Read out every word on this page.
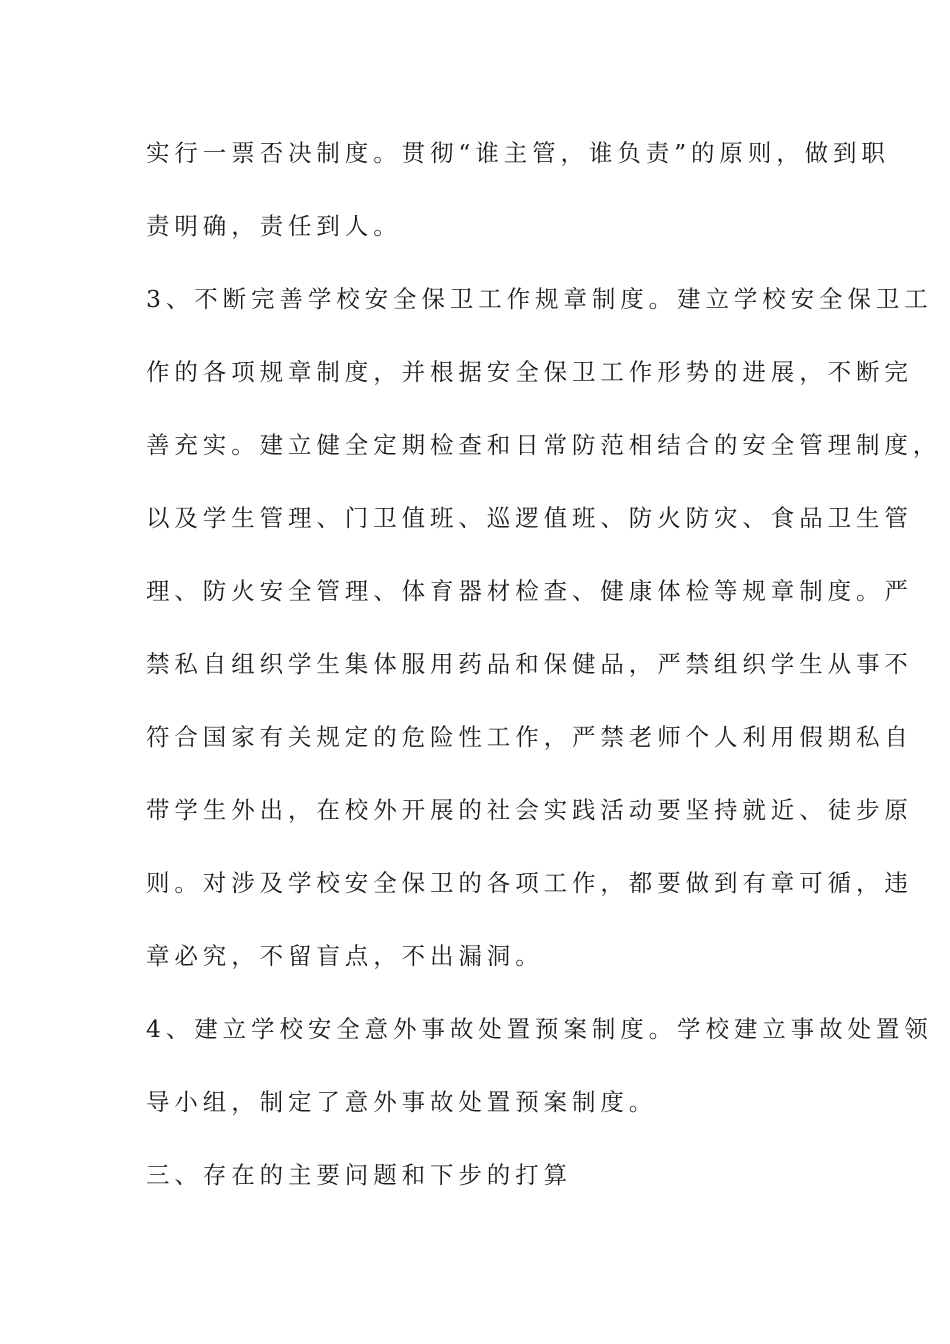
实行一票否决制度。贯彻“谁主管，谁负责”的原则，做到职
责明确，责任到人。
3、不断完善学校安全保卫工作规章制度。建立学校安全保卫工
作的各项规章制度，并根据安全保卫工作形势的进展，不断完
善充实。建立健全定期检查和日常防范相结合的安全管理制度，
以及学生管理、门卫值班、巡逻值班、防火防灾、食品卫生管
理、防火安全管理、体育器材检查、健康体检等规章制度。严
禁私自组织学生集体服用药品和保健品，严禁组织学生从事不
符合国家有关规定的危险性工作，严禁老师个人利用假期私自
带学生外出，在校外开展的社会实践活动要坚持就近、徒步原
则。对涉及学校安全保卫的各项工作，都要做到有章可循，违
章必究，不留盲点，不出漏洞。
4、建立学校安全意外事故处置预案制度。学校建立事故处置领
导小组，制定了意外事故处置预案制度。
三、存在的主要问题和下步的打算
